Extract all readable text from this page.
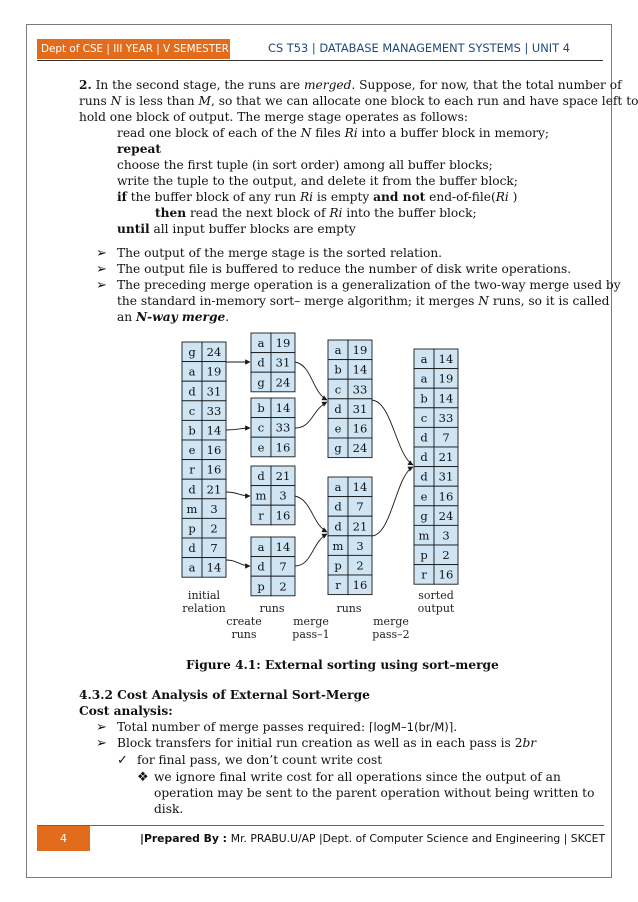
Dept of CSE | III YEAR | V SEMESTER	CS T53 | DATABASE MANAGEMENT SYSTEMS | UNIT 4
2. In the second stage, the runs are merged. Suppose, for now, that the total number of
runs N is less than M, so that we can allocate one block to each run and have space left to
hold one block of output. The merge stage operates as follows:
read one block of each of the N files Ri into a buffer block in memory;
repeat
choose the first tuple (in sort order) among all buffer blocks;
write the tuple to the output, and delete it from the buffer block;
if the buffer block of any run Ri is empty and not end-of-file(Ri )
then read the next block of Ri into the buffer block;
until all input buffer blocks are empty
➢ The output of the merge stage is the sorted relation.
➢ The output file is buffered to reduce the number of disk write operations.
➢ The preceding merge operation is a generalization of the two-way merge used by
the standard in-memory sort– merge algorithm; it merges N runs, so it is called
an N-way merge.
g 24
a 19
d 31
c 33
b 14
e 16
r 16
d 21
m 3
p 2
d 7
a 14
a 19
d 31
g 24
b 14
c 33
e 16
d 21
m 3
r 16
a 14
d 7
p 2
a 19
b 14
c 33
d 31
e 16
g 24
a 14
d 7
d 21
m 3
p 2
r 16
a 14
a 19
b 14
c 33
d 7
d 21
d 31
e 16
g 24
m 3
p 2
r 16
initial
relation	runs	runs
sorted
output
create
runs
merge
pass–1
merge
pass–2
Figure 4.1: External sorting using sort–merge
4.3.2 Cost Analysis of External Sort-Merge
Cost analysis:
➢ Total number of merge passes required: ⌈logM–1(br/M)⌉.
➢ Block transfers for initial run creation as well as in each pass is 2br
✓ for final pass, we don’t count write cost
❖ we ignore final write cost for all operations since the output of an
operation may be sent to the parent operation without being written to
disk.
4	|Prepared By : Mr. PRABU.U/AP |Dept. of Computer Science and Engineering | SKCET
